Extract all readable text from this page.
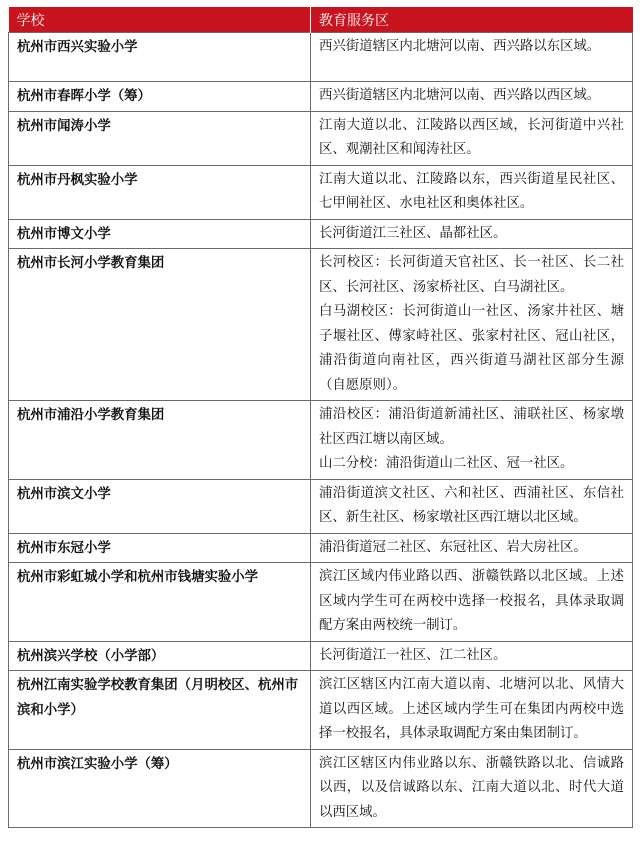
学校	教育服务区
杭州市西兴实验小学	西兴街道辖区内北塘河以南、西兴路以东区域。

杭州市春晖小学（筹）	西兴街道辖区内北塘河以南、西兴路以西区域。

杭州市闻涛小学	江南大道以北、江陵路以西区域，长河街道中兴社区、观潮社区和闻涛社区。

杭州市丹枫实验小学	江南大道以北、江陵路以东，西兴街道星民社区、七甲闸社区、水电社区和奥体社区。

杭州市博文小学	长河街道江三社区、晶都社区。

杭州市长河小学教育集团	长河校区：长河街道天官社区、长一社区、长二社区、长河社区、汤家桥社区、白马湖社区。
白马湖校区：长河街道山一社区、汤家井社区、塘子堰社区、傅家峙社区、张家村社区、冠山社区，浦沿街道向南社区，西兴街道马湖社区部分生源（自愿原则）。

杭州市浦沿小学教育集团	浦沿校区：浦沿街道新浦社区、浦联社区、杨家墩社区西江塘以南区域。
山二分校：浦沿街道山二社区、冠一社区。

杭州市滨文小学	浦沿街道滨文社区、六和社区、西浦社区、东信社区、新生社区、杨家墩社区西江塘以北区域。

杭州市东冠小学	浦沿街道冠二社区、东冠社区、岩大房社区。

杭州市彩虹城小学和杭州市钱塘实验小学	滨江区域内伟业路以西、浙赣铁路以北区域。上述区域内学生可在两校中选择一校报名，具体录取调配方案由两校统一制订。

杭州滨兴学校（小学部）	长河街道江一社区、江二社区。

杭州江南实验学校教育集团（月明校区、杭州市滨和小学）	滨江区辖区内江南大道以南、北塘河以北、风情大道以西区域。上述区域内学生可在集团内两校中选择一校报名，具体录取调配方案由集团制订。

杭州市滨江实验小学（筹）	滨江区辖区内伟业路以东、浙赣铁路以北、信诚路以西，以及信诚路以东、江南大道以北、时代大道以西区域。
